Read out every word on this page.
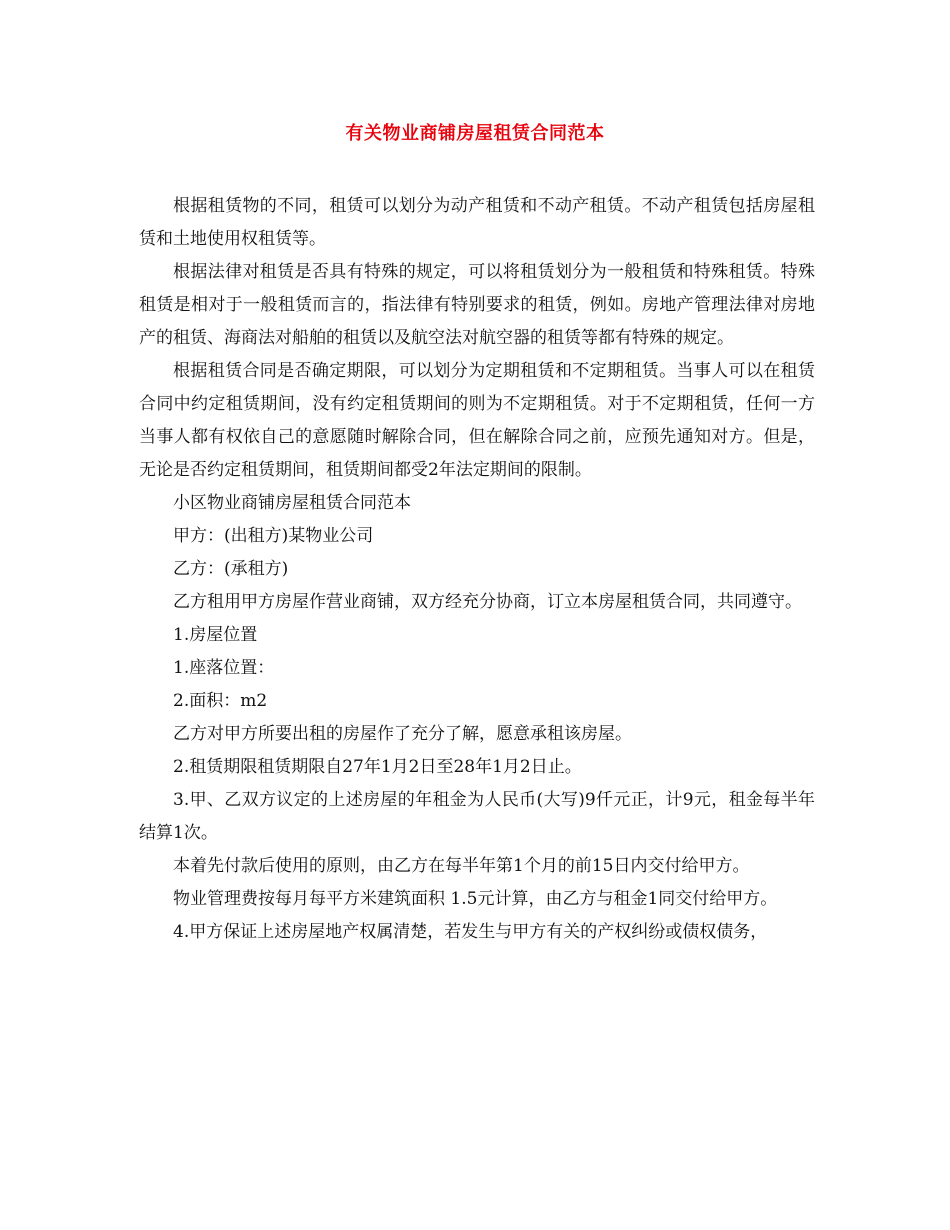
有关物业商铺房屋租赁合同范本

根据租赁物的不同，租赁可以划分为动产租赁和不动产租赁。不动产租赁包括房屋租赁和土地使用权租赁等。

根据法律对租赁是否具有特殊的规定，可以将租赁划分为一般租赁和特殊租赁。特殊租赁是相对于一般租赁而言的，指法律有特别要求的租赁，例如。房地产管理法律对房地产的租赁、海商法对船舶的租赁以及航空法对航空器的租赁等都有特殊的规定。

根据租赁合同是否确定期限，可以划分为定期租赁和不定期租赁。当事人可以在租赁合同中约定租赁期间，没有约定租赁期间的则为不定期租赁。对于不定期租赁，任何一方当事人都有权依自己的意愿随时解除合同，但在解除合同之前，应预先通知对方。但是，无论是否约定租赁期间，租赁期间都受2年法定期间的限制。

小区物业商铺房屋租赁合同范本

甲方：(出租方)某物业公司

乙方：(承租方)

乙方租用甲方房屋作营业商铺，双方经充分协商，订立本房屋租赁合同，共同遵守。

1.房屋位置

1.座落位置：

2.面积：m2

乙方对甲方所要出租的房屋作了充分了解，愿意承租该房屋。

2.租赁期限租赁期限自27年1月2日至28年1月2日止。

3.甲、乙双方议定的上述房屋的年租金为人民币(大写)9仟元正，计9元，租金每半年结算1次。

本着先付款后使用的原则，由乙方在每半年第1个月的前15日内交付给甲方。

物业管理费按每月每平方米建筑面积 1.5元计算，由乙方与租金1同交付给甲方。

4.甲方保证上述房屋地产权属清楚，若发生与甲方有关的产权纠纷或债权债务，
